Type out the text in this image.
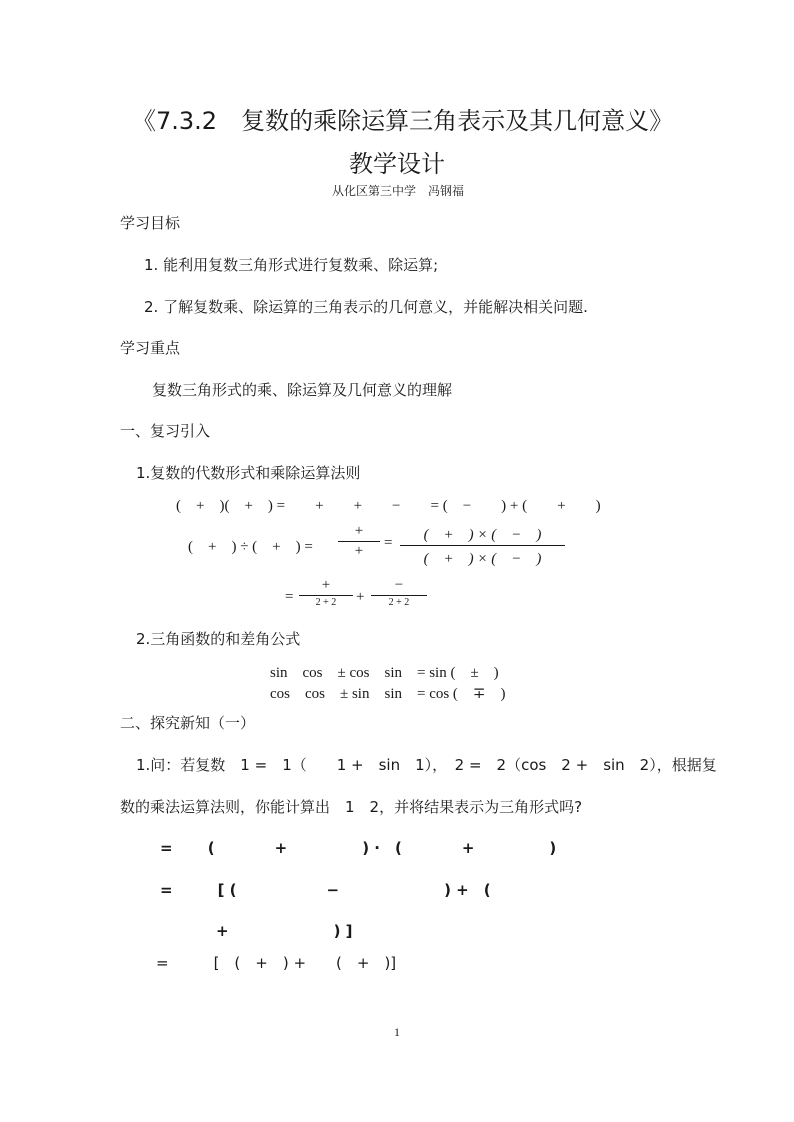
《7.3.2　复数的乘除运算三角表示及其几何意义》
教学设计
从化区第三中学　冯钢福
学习目标
1. 能利用复数三角形式进行复数乘、除运算;
2. 了解复数乘、除运算的三角表示的几何意义，并能解决相关问题.
学习重点
复数三角形式的乘、除运算及几何意义的理解
一、复习引入
1.复数的代数形式和乘除运算法则
(　+　)(　+　) =　　+　　+　　−　　= (　−　　) + (　　+　　)
(　+　) ÷ (　+　) =
+
+	=	(　+　) × (　−　)
(　+　) × (　−　)
=
+
2 + 2	+
−
2 + 2
2.三角函数的和差角公式
sin　cos　± cos　sin　= sin (　±　)
cos　cos　± sin　sin　= cos (　∓　)
二、探究新知（一）
1.问：若复数　1 =　1（　　1 +　sin　1），　2 =　2（cos　2 +　sin　2），根据复
数的乘法运算法则，你能计算出　1　2，并将结果表示为三角形式吗?
=　　 (　　　　+　　　　　) ·　(　　　　+　　　　　)
=　　　[ (　　　　　　−　　　　　　　) +　(
+　　　　　　　) ]
=　　　[　(　+　) +　　(　+　)]
1
